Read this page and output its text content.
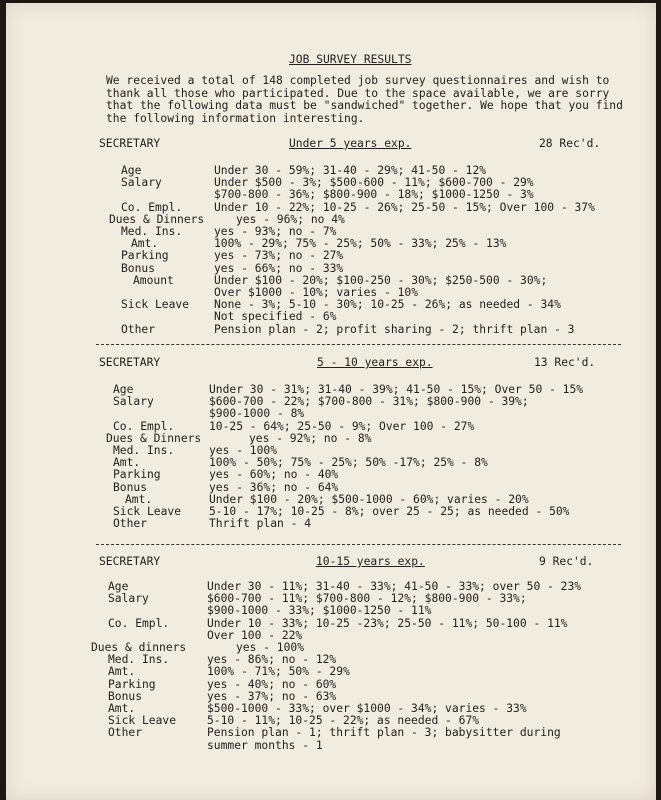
JOB SURVEY RESULTS
We received a total of 148 completed job survey questionnaires and wish to thank all those who participated. Due to the space available, we are sorry that the following data must be "sandwiched" together. We hope that you find the following information interesting.
SECRETARY	Under 5 years exp.	28 Rec'd.
Age	Under 30 - 59%; 31-40 - 29%; 41-50 - 12%
Salary	Under $500 - 3%; $500-600 - 11%; $600-700 - 29%
$700-800 - 36%; $800-900 - 18%; $1000-1250 - 3%
Co. Empl.	Under 10 - 22%; 10-25 - 26%; 25-50 - 15%; Over 100 - 37%
Dues & Dinners	yes - 96%; no 4%
Med. Ins.	yes - 93%; no - 7%
Amt.	100% - 29%; 75% - 25%; 50% - 33%; 25% - 13%
Parking	yes - 73%; no - 27%
Bonus	yes - 66%; no - 33%
Amount	Under $100 - 20%; $100-250 - 30%; $250-500 - 30%;
Over $1000 - 10%; varies - 10%
Sick Leave None - 3%; 5-10 - 30%; 10-25 - 26%; as needed - 34%
Not specified - 6%
Other	Pension plan - 2; profit sharing - 2; thrift plan - 3
SECRETARY	5 - 10 years exp.	13 Rec'd.
Age	Under 30 - 31%; 31-40 - 39%; 41-50 - 15%; Over 50 - 15%
Salary	$600-700 - 22%; $700-800 - 31%; $800-900 - 39%;
$900-1000 - 8%
Co. Empl.	10-25 - 64%; 25-50 - 9%; Over 100 - 27%
Dues & Dinners	yes - 92%; no - 8%
Med. Ins.	yes - 100%
Amt.	100% - 50%; 75% - 25%; 50% -17%; 25% - 8%
Parking	yes - 60%; no - 40%
Bonus	yes - 36%; no - 64%
Amt.	Under $100 - 20%; $500-1000 - 60%; varies - 20%
Sick Leave 5-10 - 17%; 10-25 - 8%; over 25 - 25; as needed - 50%
Other	Thrift plan - 4
SECRETARY	10-15 years exp.	9 Rec'd.
Age	Under 30 - 11%; 31-40 - 33%; 41-50 - 33%; over 50 - 23%
Salary	$600-700 - 11%; $700-800 - 12%; $800-900 - 33%;
$900-1000 - 33%; $1000-1250 - 11%
Co. Empl.	Under 10 - 33%; 10-25 -23%; 25-50 - 11%; 50-100 - 11%
Over 100 - 22%
Dues & dinners	yes - 100%
Med. Ins.	yes - 86%; no - 12%
Amt.	100% - 71%; 50% - 29%
Parking	yes - 40%; no - 60%
Bonus	yes - 37%; no - 63%
Amt.	$500-1000 - 33%; over $1000 - 34%; varies - 33%
Sick Leave	5-10 - 11%; 10-25 - 22%; as needed - 67%
Other	Pension plan - 1; thrift plan - 3; babysitter during
summer months - 1
